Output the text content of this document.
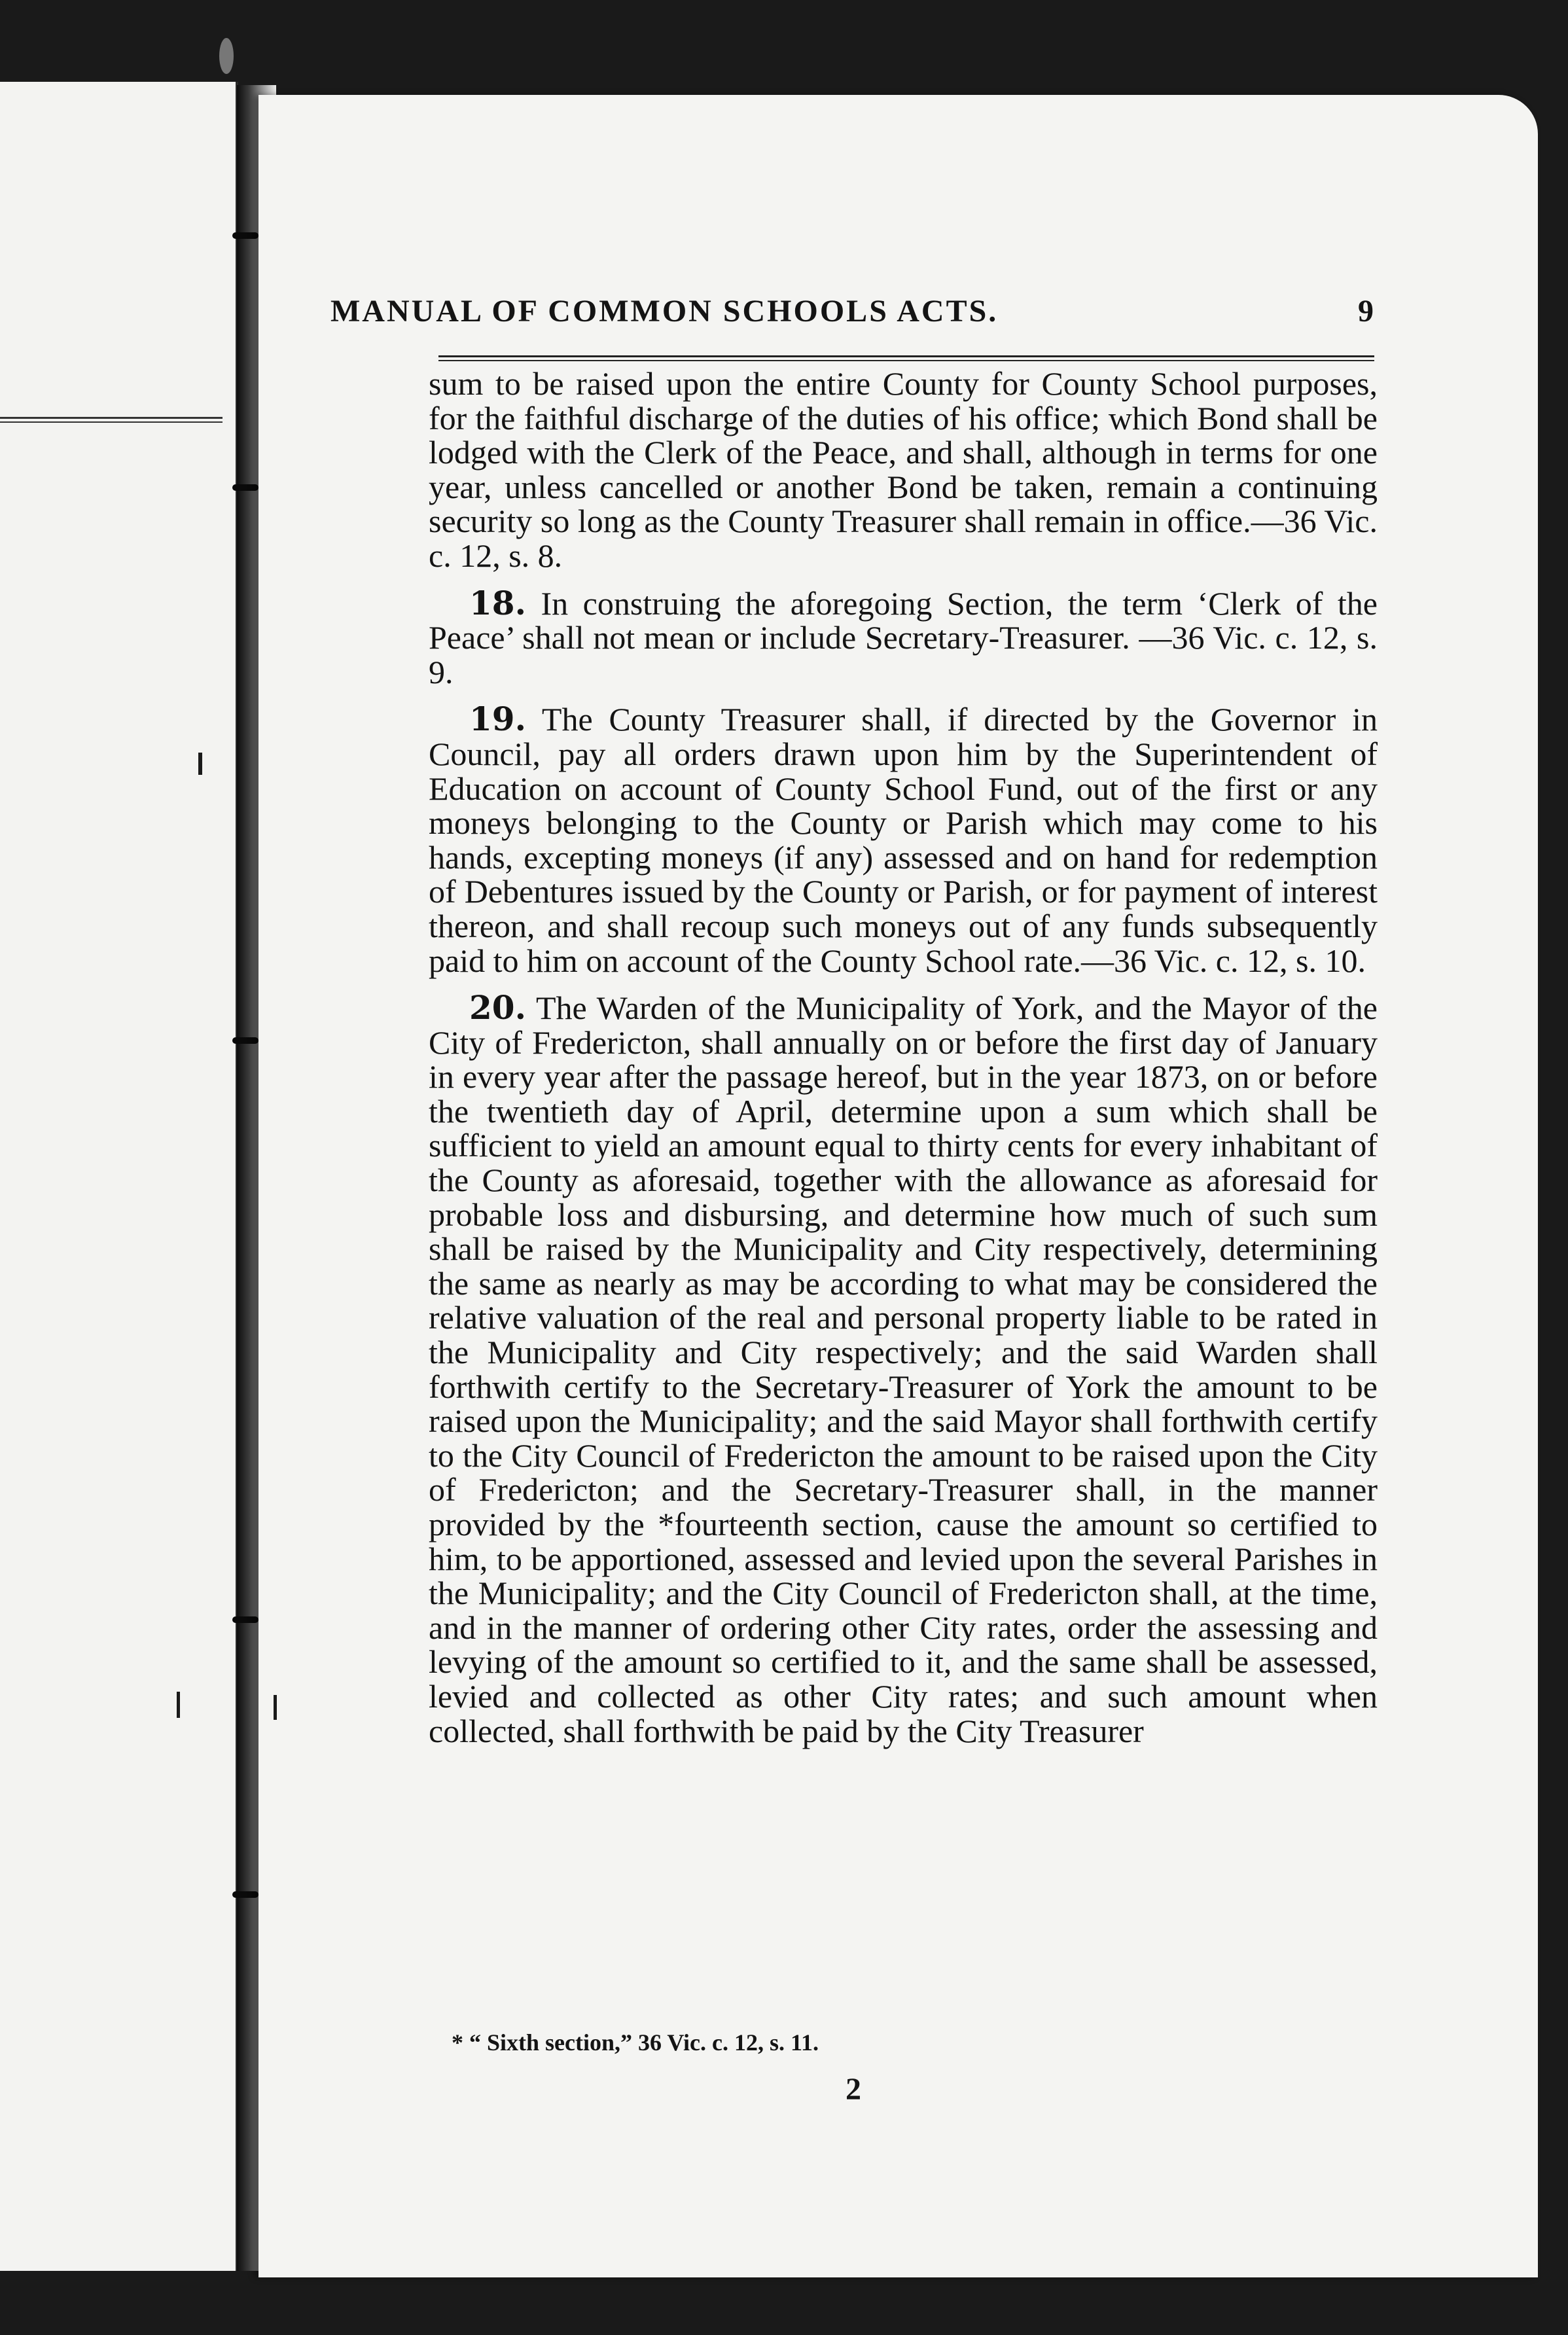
MANUAL OF COMMON SCHOOLS ACTS.	9

sum to be raised upon the entire County for County School purposes, for the faithful discharge of the duties of his office; which Bond shall be lodged with the Clerk of the Peace, and shall, although in terms for one year, unless cancelled or another Bond be taken, remain a continuing security so long as the County Treasurer shall remain in office.—36 Vic. c. 12, s. 8.

18. In construing the aforegoing Section, the term ‘Clerk of the Peace’ shall not mean or include Secretary-Treasurer. —36 Vic. c. 12, s. 9.

19. The County Treasurer shall, if directed by the Governor in Council, pay all orders drawn upon him by the Superintendent of Education on account of County School Fund, out of the first or any moneys belonging to the County or Parish which may come to his hands, excepting moneys (if any) assessed and on hand for redemption of Debentures issued by the County or Parish, or for payment of interest thereon, and shall recoup such moneys out of any funds subsequently paid to him on account of the County School rate.—36 Vic. c. 12, s. 10.

20. The Warden of the Municipality of York, and the Mayor of the City of Fredericton, shall annually on or before the first day of January in every year after the passage hereof, but in the year 1873, on or before the twentieth day of April, determine upon a sum which shall be sufficient to yield an amount equal to thirty cents for every inhabitant of the County as aforesaid, together with the allowance as aforesaid for probable loss and disbursing, and determine how much of such sum shall be raised by the Municipality and City respectively, determining the same as nearly as may be according to what may be considered the relative valuation of the real and personal property liable to be rated in the Municipality and City respectively; and the said Warden shall forthwith certify to the Secretary-Treasurer of York the amount to be raised upon the Municipality; and the said Mayor shall forthwith certify to the City Council of Fredericton the amount to be raised upon the City of Fredericton; and the Secretary-Treasurer shall, in the manner provided by the *fourteenth section, cause the amount so certified to him, to be apportioned, assessed and levied upon the several Parishes in the Municipality; and the City Council of Fredericton shall, at the time, and in the manner of ordering other City rates, order the assessing and levying of the amount so certified to it, and the same shall be assessed, levied and collected as other City rates; and such amount when collected, shall forthwith be paid by the City Treasurer

* “ Sixth section,” 36 Vic. c. 12, s. 11.
2
